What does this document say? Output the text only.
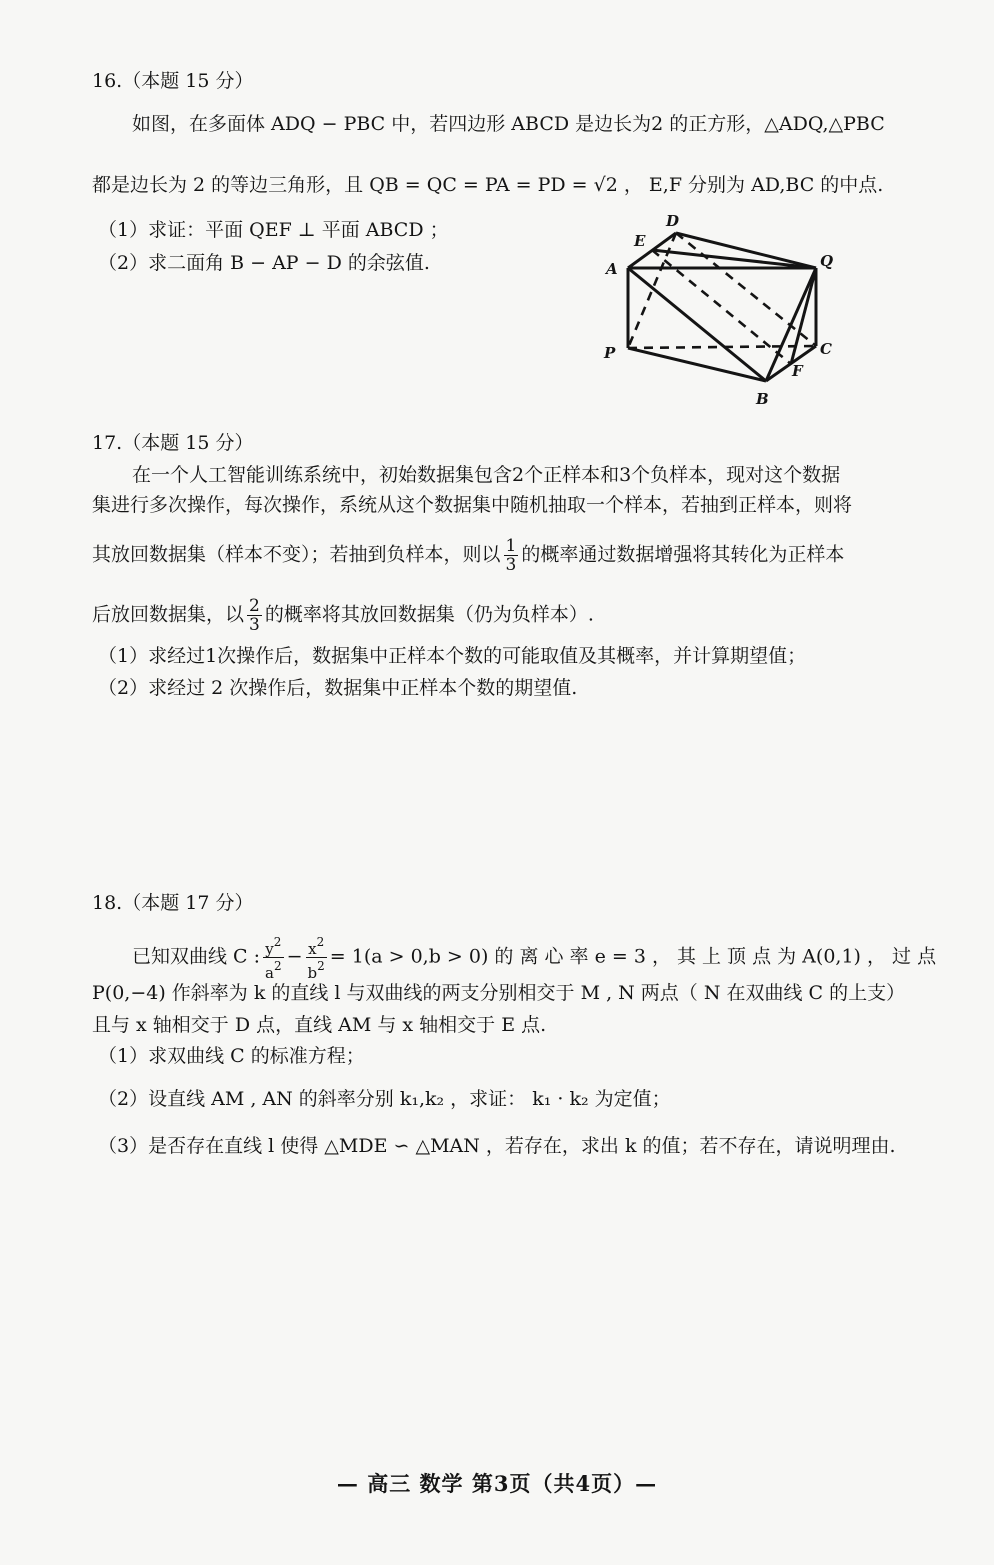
16.（本题 15 分）
如图，在多面体 ADQ − PBC 中，若四边形 ABCD 是边长为2 的正方形，△ADQ,△PBC
都是边长为 2 的等边三角形，且 QB = QC = PA = PD = √2 ， E,F 分别为 AD,BC 的中点.
（1）求证：平面 QEF ⊥ 平面 ABCD ；
（2）求二面角 B − AP − D 的余弦值.
D
E
A	Q
P	C
F
B
17.（本题 15 分）
在一个人工智能训练系统中，初始数据集包含2个正样本和3个负样本，现对这个数据
集进行多次操作，每次操作，系统从这个数据集中随机抽取一个样本，若抽到正样本，则将
其放回数据集（样本不变）；若抽到负样本，则以 $\frac{1}{3}$ 的概率通过数据增强将其转化为正样本
后放回数据集，以 $\frac{2}{3}$ 的概率将其放回数据集（仍为负样本）.
（1）求经过1次操作后，数据集中正样本个数的可能取值及其概率，并计算期望值；
（2）求经过 2 次操作后，数据集中正样本个数的期望值.
18.（本题 17 分）
已知双曲线 C : $\frac{y^2}{a^2} - \frac{x^2}{b^2} = 1(a > 0,b > 0)$ 的 离 心 率 e = 3 ， 其 上 顶 点 为 A(0,1) ， 过 点
P(0,−4) 作斜率为 k 的直线 l 与双曲线的两支分别相交于 M , N 两点（ N 在双曲线 C 的上支）
且与 x 轴相交于 D 点，直线 AM 与 x 轴相交于 E 点.
（1）求双曲线 C 的标准方程；
（2）设直线 AM , AN 的斜率分别 k₁,k₂ ，求证： k₁ · k₂ 为定值；
（3）是否存在直线 l 使得 △MDE ∽ △MAN ，若存在，求出 k 的值；若不存在，请说明理由.
— 高三 数学 第3页（共4页）—
